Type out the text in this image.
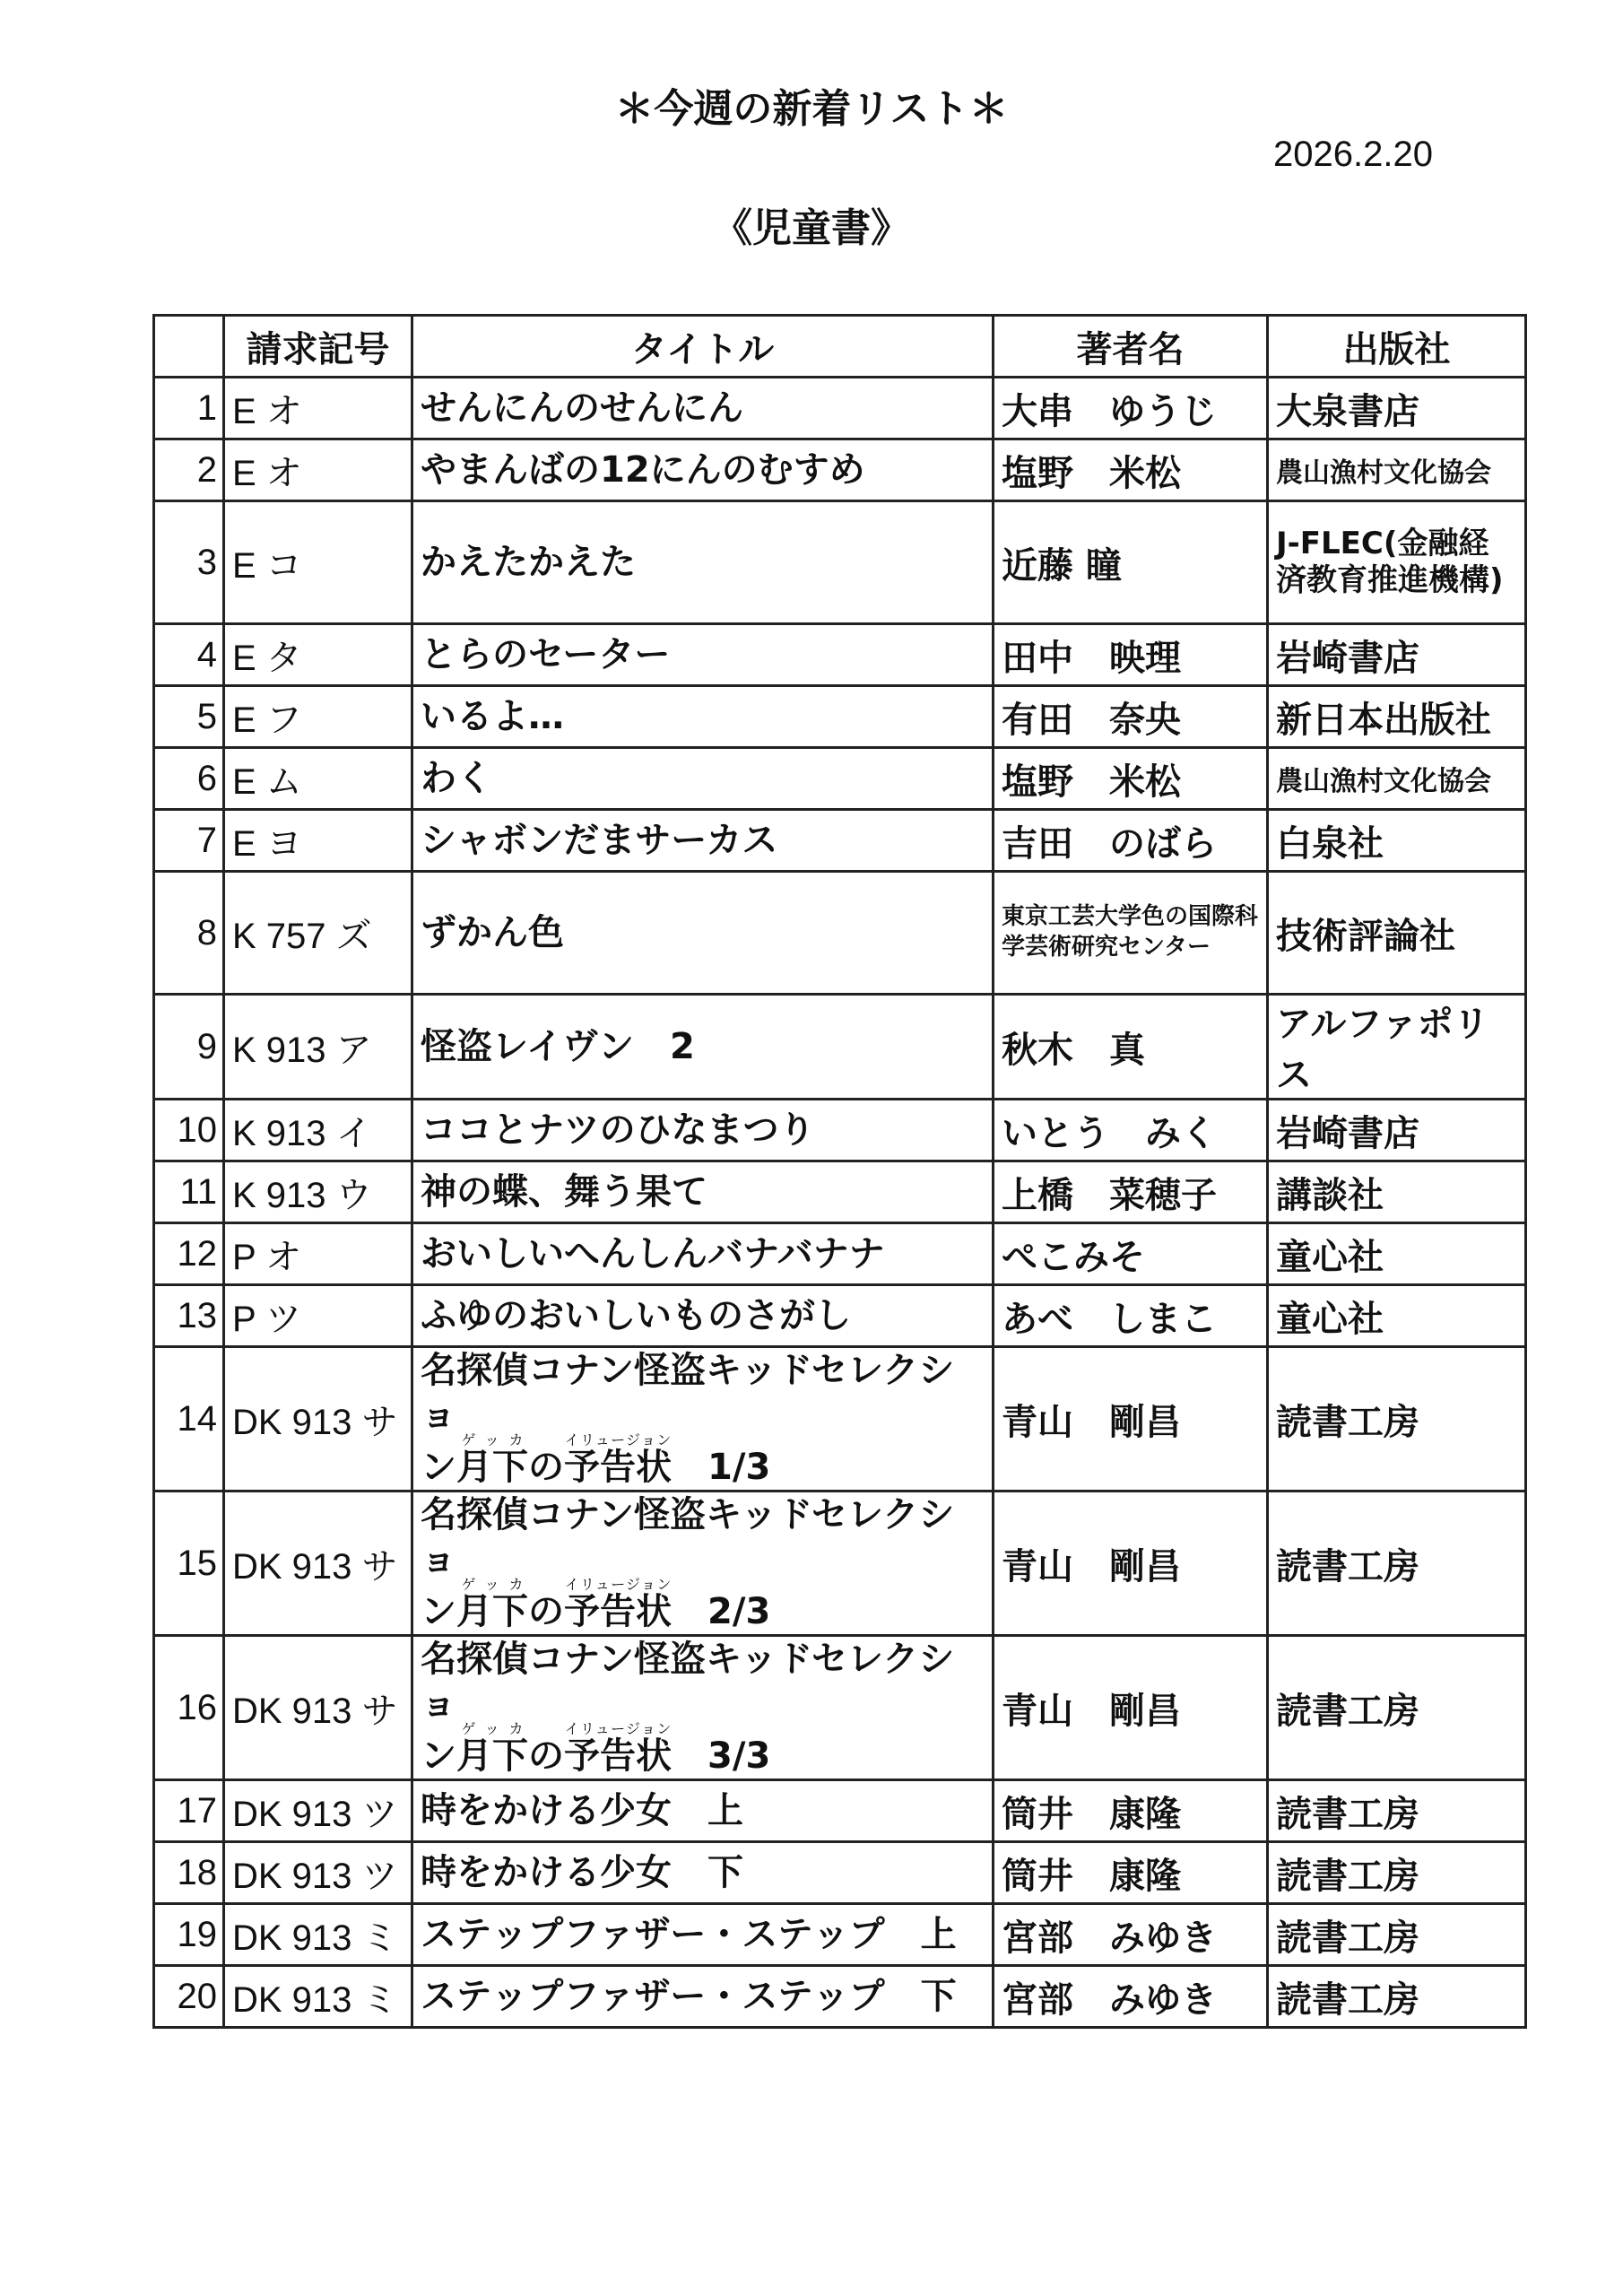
＊今週の新着リスト＊
2026.2.20
《児童書》
	請求記号	タイトル	著者名	出版社
1	E オ	せんにんのせんにん	大串　ゆうじ	大泉書店
2	E オ	やまんばの12にんのむすめ	塩野　米松	農山漁村文化協会
3	E コ	かえたかえた	近藤 瞳	J-FLEC(金融経済教育推進機構)
4	E タ	とらのセーター	田中　映理	岩崎書店
5	E フ	いるよ…	有田　奈央	新日本出版社
6	E ム	わく	塩野　米松	農山漁村文化協会
7	E ヨ	シャボンだまサーカス	吉田　のばら	白泉社
8	K 757 ズ	ずかん色	東京工芸大学色の国際科学芸術研究センター	技術評論社
9	K 913 ア	怪盗レイヴン　2	秋木　真	アルファポリス
10	K 913 イ	ココとナツのひなまつり	いとう　みく	岩崎書店
11	K 913 ウ	神の蝶、舞う果て	上橋　菜穂子	講談社
12	P オ	おいしいへんしんバナバナナ	ぺこみそ	童心社
13	P ツ	ふゆのおいしいものさがし	あべ　しまこ	童心社
14	DK 913 サ	名探偵コナン怪盗キッドセレクショ
ン月下ゲッカの予告状イリュージョン　1/3	青山　剛昌	読書工房
15	DK 913 サ	名探偵コナン怪盗キッドセレクショ
ン月下ゲッカの予告状イリュージョン　2/3	青山　剛昌	読書工房
16	DK 913 サ	名探偵コナン怪盗キッドセレクショ
ン月下ゲッカの予告状イリュージョン　3/3	青山　剛昌	読書工房
17	DK 913 ツ	時をかける少女　上	筒井　康隆	読書工房
18	DK 913 ツ	時をかける少女　下	筒井　康隆	読書工房
19	DK 913 ミ	ステップファザー・ステップ　上	宮部　みゆき	読書工房
20	DK 913 ミ	ステップファザー・ステップ　下	宮部　みゆき	読書工房
